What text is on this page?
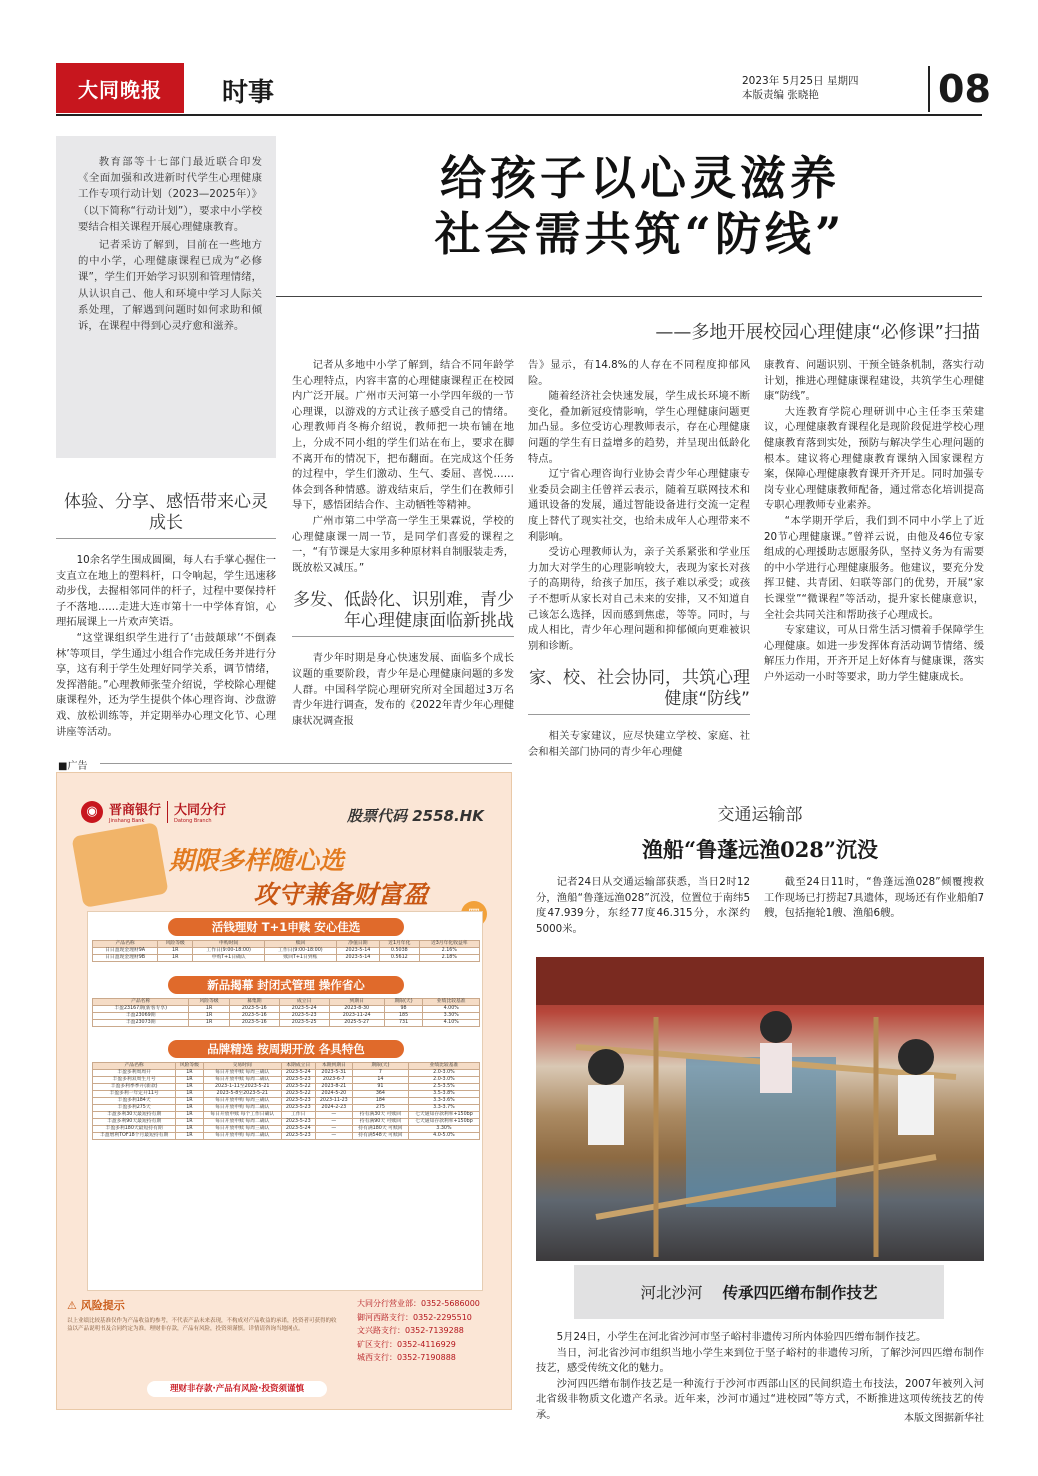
大同晚报 时事	2023年 5月25日 星期四
本版责编 张晓艳	08

教育部等十七部门最近联合印发《全面加强和改进新时代学生心理健康工作专项行动计划（2023—2025年）》（以下简称“行动计划”），要求中小学校要结合相关课程开展心理健康教育。

记者采访了解到，目前在一些地方的中小学，心理健康课程已成为“必修课”，学生们开始学习识别和管理情绪，从认识自己、他人和环境中学习人际关系处理，了解遇到问题时如何求助和倾诉，在课程中得到心灵疗愈和滋养。

给孩子以心灵滋养
社会需共筑“防线”
——多地开展校园心理健康“必修课”扫描
体验、分享、感悟带来心灵成长

10余名学生围成圆圈，每人右手掌心握住一支直立在地上的塑料杆，口令响起，学生迅速移动步伐，去握相邻同伴的杆子，过程中要保持杆子不落地……走进大连市第十一中学体育馆，心理拓展课上一片欢声笑语。

“这堂课组织学生进行了‘击鼓颠球’‘不倒森林’等项目，学生通过小组合作完成任务并进行分享，这有利于学生处理好同学关系，调节情绪，发挥潜能。”心理教师张莹介绍说，学校除心理健康课程外，还为学生提供个体心理咨询、沙盘游戏、放松训练等，并定期举办心理文化节、心理讲座等活动。

记者从多地中小学了解到，结合不同年龄学生心理特点，内容丰富的心理健康课程正在校园内广泛开展。广州市天河第一小学四年级的一节心理课，以游戏的方式让孩子感受自己的情绪。心理教师肖冬梅介绍说，教师把一块布铺在地上，分成不同小组的学生们站在布上，要求在脚不离开布的情况下，把布翻面。在完成这个任务的过程中，学生们激动、生气、委屈、喜悦……体会到各种情感。游戏结束后，学生们在教师引导下，感悟团结合作、主动牺牲等精神。

广州市第二中学高一学生王果霖说，学校的心理健康课一周一节，是同学们喜爱的课程之一，“有节课是大家用多种原材料自制服装走秀，既放松又减压。”

多发、低龄化、识别难，青少年心理健康面临新挑战

青少年时期是身心快速发展、面临多个成长议题的重要阶段，青少年是心理健康问题的多发人群。中国科学院心理研究所对全国超过3万名青少年进行调查，发布的《2022年青少年心理健康状况调查报

告》显示，有14.8%的人存在不同程度抑郁风险。

随着经济社会快速发展，学生成长环境不断变化，叠加新冠疫情影响，学生心理健康问题更加凸显。多位受访心理教师表示，存在心理健康问题的学生有日益增多的趋势，并呈现出低龄化特点。

辽宁省心理咨询行业协会青少年心理健康专业委员会副主任曾祥云表示，随着互联网技术和通讯设备的发展，通过智能设备进行交流一定程度上替代了现实社交，也给未成年人心理带来不利影响。

受访心理教师认为，亲子关系紧张和学业压力加大对学生的心理影响较大，表现为家长对孩子的高期待，给孩子加压，孩子难以承受；或孩子不想听从家长对自己未来的安排，又不知道自己该怎么选择，因而感到焦虑，等等。同时，与成人相比，青少年心理问题和抑郁倾向更难被识别和诊断。

家、校、社会协同，共筑心理健康“防线”

相关专家建议，应尽快建立学校、家庭、社会和相关部门协同的青少年心理健

康教育、问题识别、干预全链条机制，落实行动计划，推进心理健康课程建设，共筑学生心理健康“防线”。

大连教育学院心理研训中心主任李玉荣建议，心理健康教育课程化是现阶段促进学校心理健康教育落到实处，预防与解决学生心理问题的根本。建议将心理健康教育课纳入国家课程方案，保障心理健康教育课开齐开足。同时加强专岗专业心理健康教师配备，通过常态化培训提高专职心理教师专业素养。

“本学期开学后，我们到不同中小学上了近20节心理健康课。”曾祥云说，由他及46位专家组成的心理援助志愿服务队，坚持义务为有需要的中小学进行心理健康服务。他建议，要充分发挥卫健、共青团、妇联等部门的优势，开展“家长课堂”“微课程”等活动，提升家长健康意识，全社会共同关注和帮助孩子心理成长。

专家建议，可从日常生活习惯着手保障学生心理健康。如进一步发挥体育活动调节情绪、缓解压力作用，开齐开足上好体育与健康课，落实户外运动一小时等要求，助力学生健康成长。

■广告
◉ 晋商银行
Jinshang Bank
大同分行
Datong Branch	股票代码 2558.HK
期限多样随心选
攻守兼备财富盈
活钱理财 T+1申赎 安心佳选
产品名称	风险等级	申购时间	赎回	净值日期	近1月年化	近3月年化收益率
日日盈现金理财9A	1R	工作日(9:00-18:00)	工作日(9:00-18:00)	2023-5-14	0.5038	2.16%
日日盈现金理财9B	1R	申购T+1日确认	赎回T+1日到账	2023-5-14	0.5612	2.18%
新品揭幕 封闭式管理 操作省心
产品名称	风险等级	募集期	成立日	到期日	期限(天)	业绩比较基准
丰盈23167期(新客专享)	1R	2023-5-16	2023-5-24	2023-8-30	98	4.00%
丰盈23069期	1R	2023-5-16	2023-5-23	2023-11-24	185	3.30%
丰盈23073期	1R	2023-5-16	2023-5-25	2025-5-27	731	4.10%
品牌精选 按周期开放 各具特色
产品名称	风险等级	交易时间	本期成立日	本期到期日	期限(天)	业绩比较基准
丰盈多利周周开	1R	每日开放申赎 每周三确认	2023-5-24	2023-5-31	7	2.0-3.0%
丰盈多利双周生月号	1R	每日开放申赎 每周二确认	2023-5-23	2023-6-7	14	2.0-3.0%
丰盈多利季季开(新款)	1R	2023-1-11至2023-5-21	2023-5-22	2023-8-21	91	2.5-3.5%
丰盈多利一年定开11号	1R	2023-5-8至2023-5-21	2023-5-22	2024-5-20	364	3.5-3.8%
丰盈多利184天	1R	每日开放申购 每周三确认	2023-5-23	2023-11-23	184	3.3-3.6%
丰盈多利275天	1R	每日开放申购 每周二确认	2023-5-23	2024-2-23	275	3.3-3.7%
丰盈多利30天最短持有期	1R	每日开放申赎 每个工作日确认	工作日	—	持有满30天 可赎回	七天通知存款利率+150bp
丰盈多利90天最短持有期	1R	每日开放申赎 每周二确认	2023-5-23	—	持有满90天 可赎回	七天通知存款利率+150bp
丰盈多利180天最短持有期	1R	每日开放申赎 每周三确认	2023-5-24	—	持有满180天 可赎回	3.30%
丰盈增利TOF18个月最短持有期	1R	每日开放申购 每周二确认	2023-5-23	—	持有满548天 可赎回	4.0-5.0%
⚠ 风险提示
以上业绩比较基准仅作为产品收益的参考，不代表产品未来表现，不构成对产品收益的承诺，投资者可获得的收益以产品说明书及合同约定为准。理财非存款，产品有风险，投资须谨慎。详情请咨询当地网点。
大同分行营业部：0352-5686000
御河西路支行：0352-2295510
文兴路支行：0352-7139288
矿区支行：0352-4116929
城西支行：0352-7190888
理财非存款·产品有风险·投资须谨慎
交通运输部
渔船“鲁蓬远渔028”沉没

记者24日从交通运输部获悉，当日2时12分，渔船“鲁蓬远渔028”沉没，位置位于南纬5度47.939分，东经77度46.315分，水深约5000米。

截至24日11时，“鲁蓬远渔028”倾覆搜救工作现场已打捞起7具遗体，现场还有作业船舶7艘，包括拖轮1艘、渔船6艘。

河北沙河 传承四匹缯布制作技艺

5月24日，小学生在河北省沙河市坚子峪村非遗传习所内体验四匹缯布制作技艺。

当日，河北省沙河市组织当地小学生来到位于坚子峪村的非遗传习所，了解沙河四匹缯布制作技艺，感受传统文化的魅力。

沙河四匹缯布制作技艺是一种流行于沙河市西部山区的民间织造土布技法，2007年被列入河北省级非物质文化遗产名录。近年来，沙河市通过“进校园”等方式，不断推进这项传统技艺的传承。	本版文图据新华社
